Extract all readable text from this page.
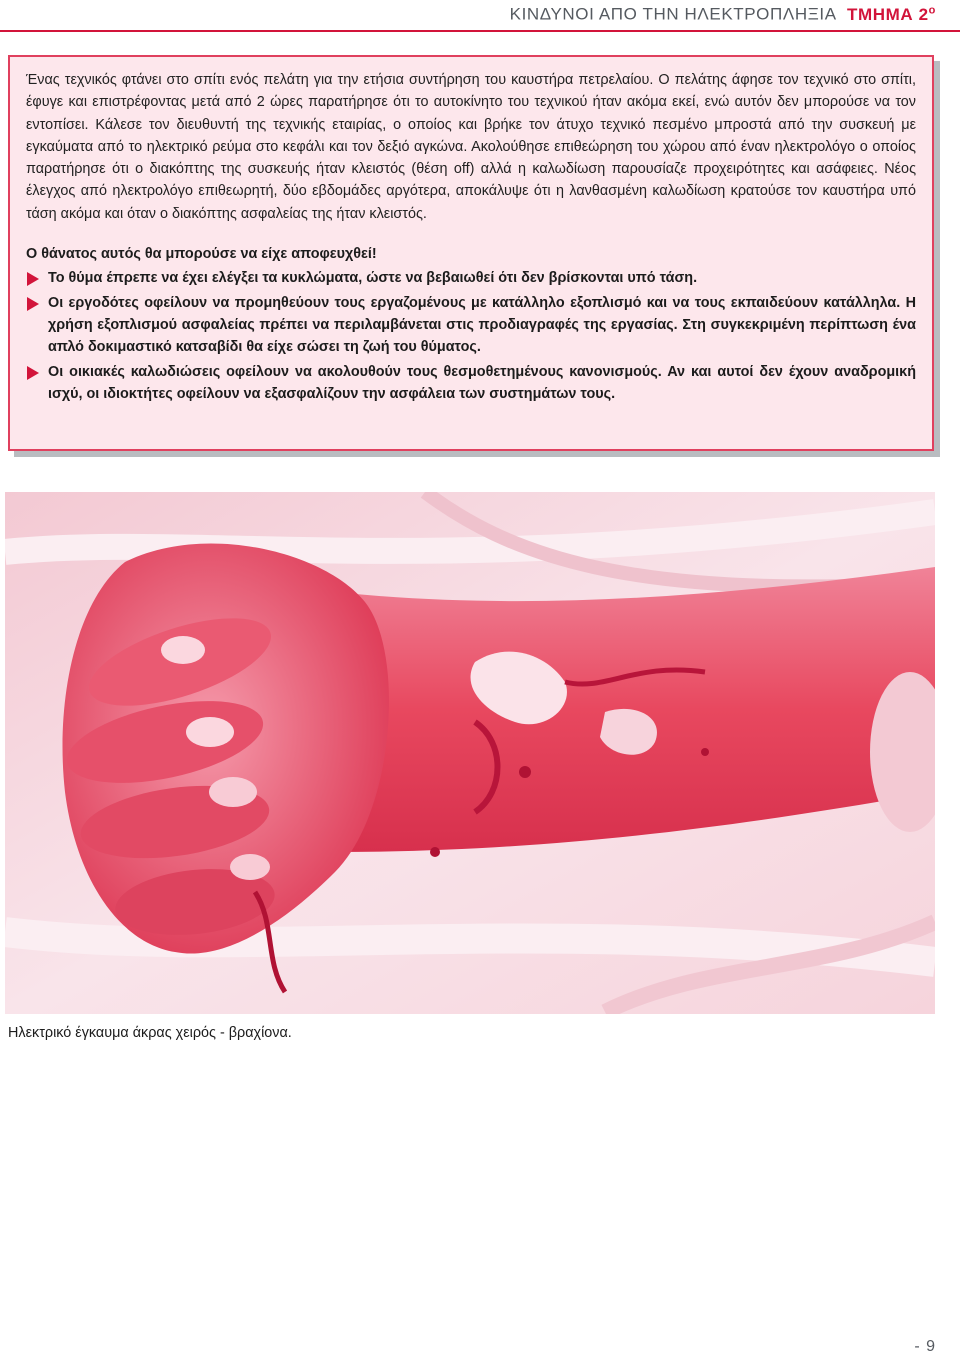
ΚΙΝΔΥΝΟΙ ΑΠΟ ΤΗΝ ΗΛΕΚΤΡΟΠΛΗΞΙΑ ΤΜΗΜΑ $2^o$

Ένας τεχνικός φτάνει στο σπίτι ενός πελάτη για την ετήσια συντήρηση του καυστήρα πετρελαίου. Ο πελάτης άφησε τον τεχνικό στο σπίτι, έφυγε και επιστρέφοντας μετά από 2 ώρες παρατήρησε ότι το αυτοκίνητο του τεχνικού ήταν ακόμα εκεί, ενώ αυτόν δεν μπορούσε να τον εντοπίσει. Κάλεσε τον διευθυντή της τεχνικής εταιρίας, ο οποίος και βρήκε τον άτυχο τεχνικό πεσμένο μπροστά από την συσκευή με εγκαύματα από το ηλεκτρικό ρεύμα στο κεφάλι και τον δεξιό αγκώνα. Ακολούθησε επιθεώρηση του χώρου από έναν ηλεκτρολόγο ο οποίος παρατήρησε ότι ο διακόπτης της συσκευής ήταν κλειστός (θέση off) αλλά η καλωδίωση παρουσίαζε προχειρότητες και ασάφειες. Νέος έλεγχος από ηλεκτρολόγο επιθεωρητή, δύο εβδομάδες αργότερα, αποκάλυψε ότι η λανθασμένη καλωδίωση κρατούσε τον καυστήρα υπό τάση ακόμα και όταν ο διακόπτης ασφαλείας της ήταν κλειστός.

Ο θάνατος αυτός θα μπορούσε να είχε αποφευχθεί!

Το θύμα έπρεπε να έχει ελέγξει τα κυκλώματα, ώστε να βεβαιωθεί ότι δεν βρίσκονται υπό τάση.

Οι εργοδότες οφείλουν να προμηθεύουν τους εργαζομένους με κατάλληλο εξοπλισμό και να τους εκπαιδεύουν κατάλληλα. Η χρήση εξοπλισμού ασφαλείας πρέπει να περιλαμβάνεται στις προδιαγραφές της εργασίας. Στη συγκεκριμένη περίπτωση ένα απλό δοκιμαστικό κατσαβίδι θα είχε σώσει τη ζωή του θύματος.

Οι οικιακές καλωδιώσεις οφείλουν να ακολουθούν τους θεσμοθετημένους κανονισμούς. Αν και αυτοί δεν έχουν αναδρομική ισχύ, οι ιδιοκτήτες οφείλουν να εξασφαλίζουν την ασφάλεια των συστημάτων τους.

Ηλεκτρικό έγκαυμα άκρας χειρός - βραχίονα.
- 9
